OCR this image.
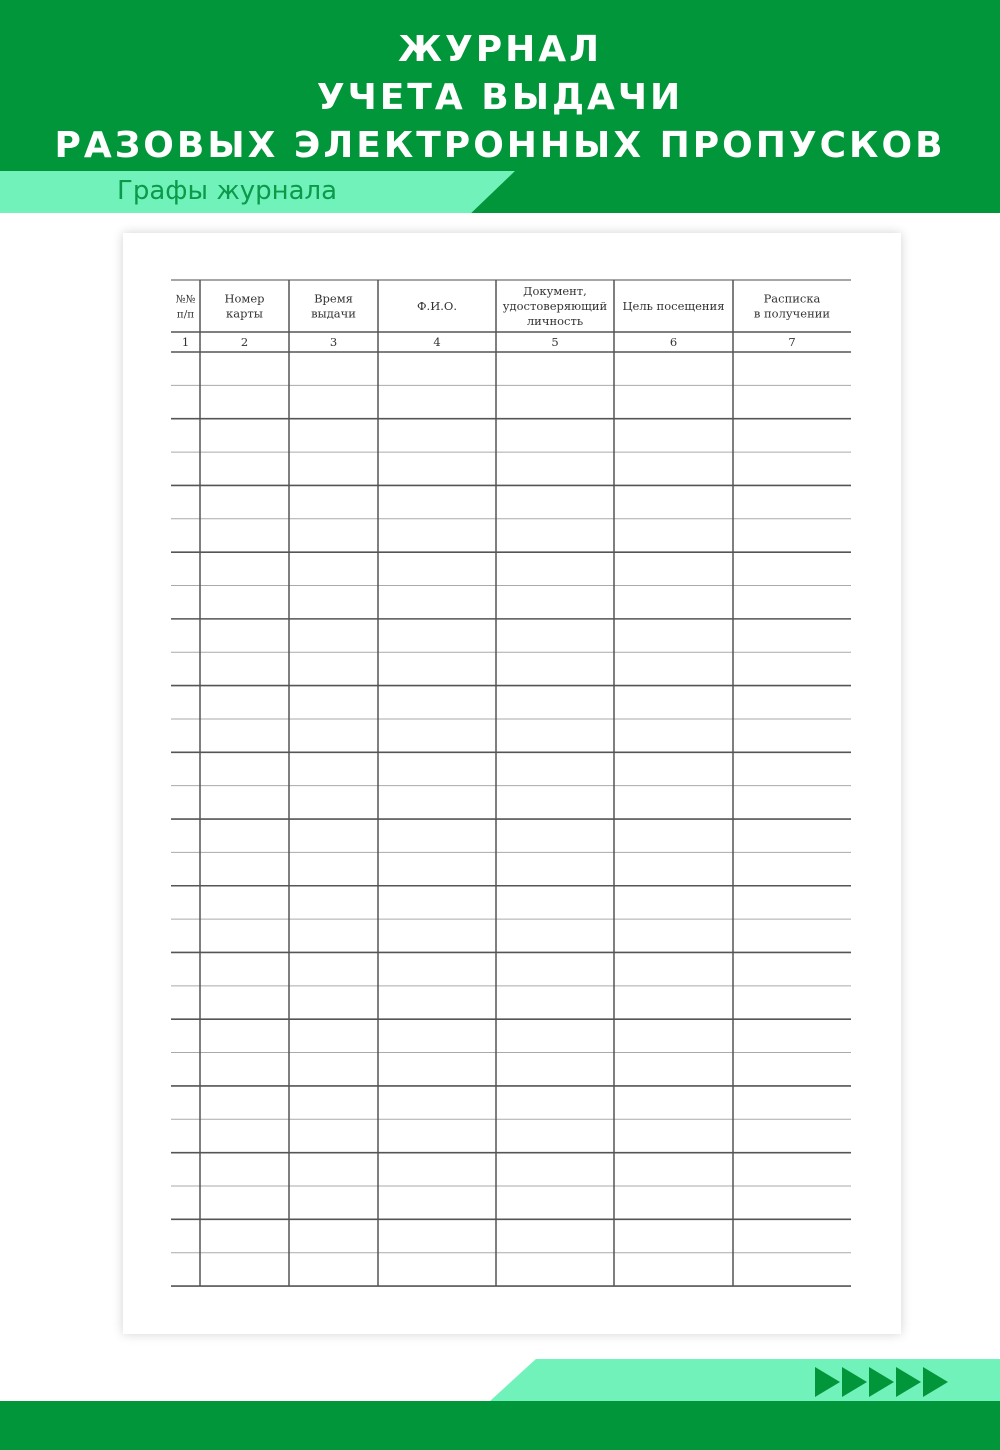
ЖУРНАЛ
УЧЕТА ВЫДАЧИ
РАЗОВЫХ ЭЛЕКТРОННЫХ ПРОПУСКОВ
Графы журнала
№№
п/п
1
Номер
карты
2
Время
выдачи
3
Ф.И.О.
4
Документ,
удостоверяющий
личность
5
Цель посещения
6
Расписка
в получении
7
